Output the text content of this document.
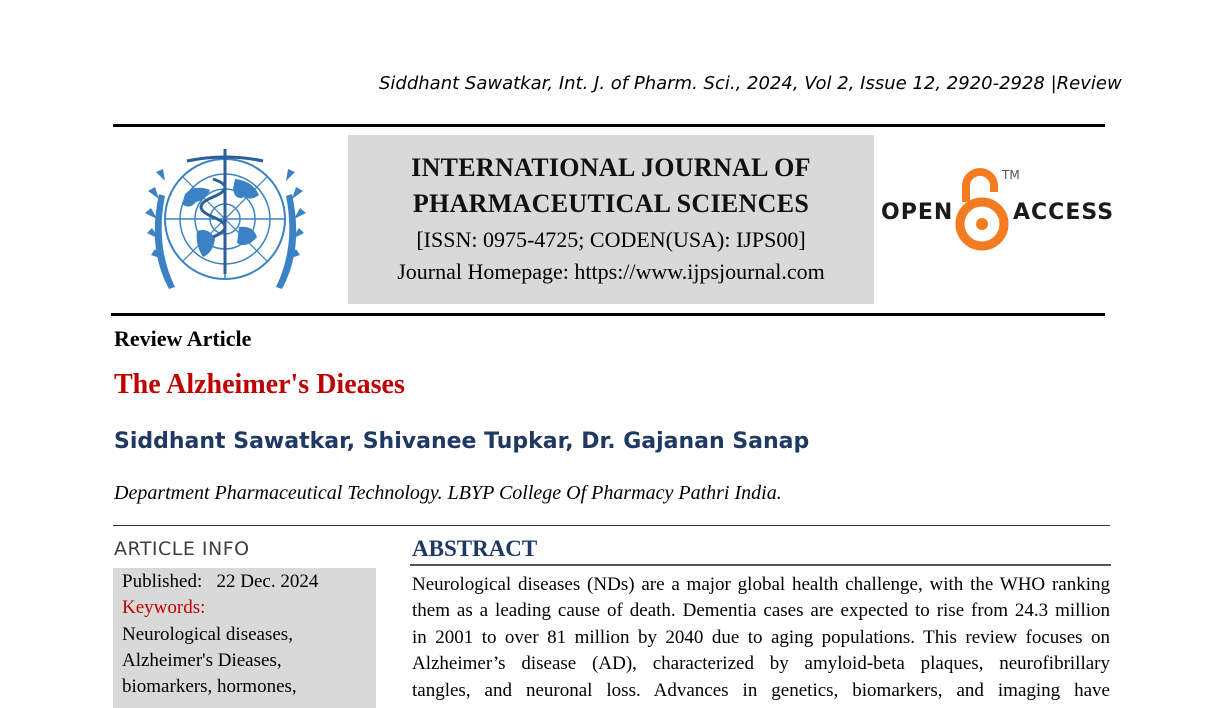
Siddhant Sawatkar, Int. J. of Pharm. Sci., 2024, Vol 2, Issue 12, 2920-2928 |Review
INTERNATIONAL JOURNAL OF
PHARMACEUTICAL SCIENCES
[ISSN: 0975-4725; CODEN(USA): IJPS00]
Journal Homepage: https://www.ijpsjournal.com
OPEN
TM
ACCESS
Review Article
The Alzheimer's Dieases
Siddhant Sawatkar, Shivanee Tupkar, Dr. Gajanan Sanap
Department Pharmaceutical Technology. LBYP College Of Pharmacy Pathri India.
ARTICLE INFO
Published: 22 Dec. 2024
Keywords:
Neurological diseases,
Alzheimer's Dieases,
biomarkers, hormones,
ABSTRACT
Neurological diseases (NDs) are a major global health challenge, with the WHO ranking
them as a leading cause of death. Dementia cases are expected to rise from 24.3 million
in 2001 to over 81 million by 2040 due to aging populations. This review focuses on
Alzheimer’s disease (AD), characterized by amyloid-beta plaques, neurofibrillary
tangles, and neuronal loss. Advances in genetics, biomarkers, and imaging have
